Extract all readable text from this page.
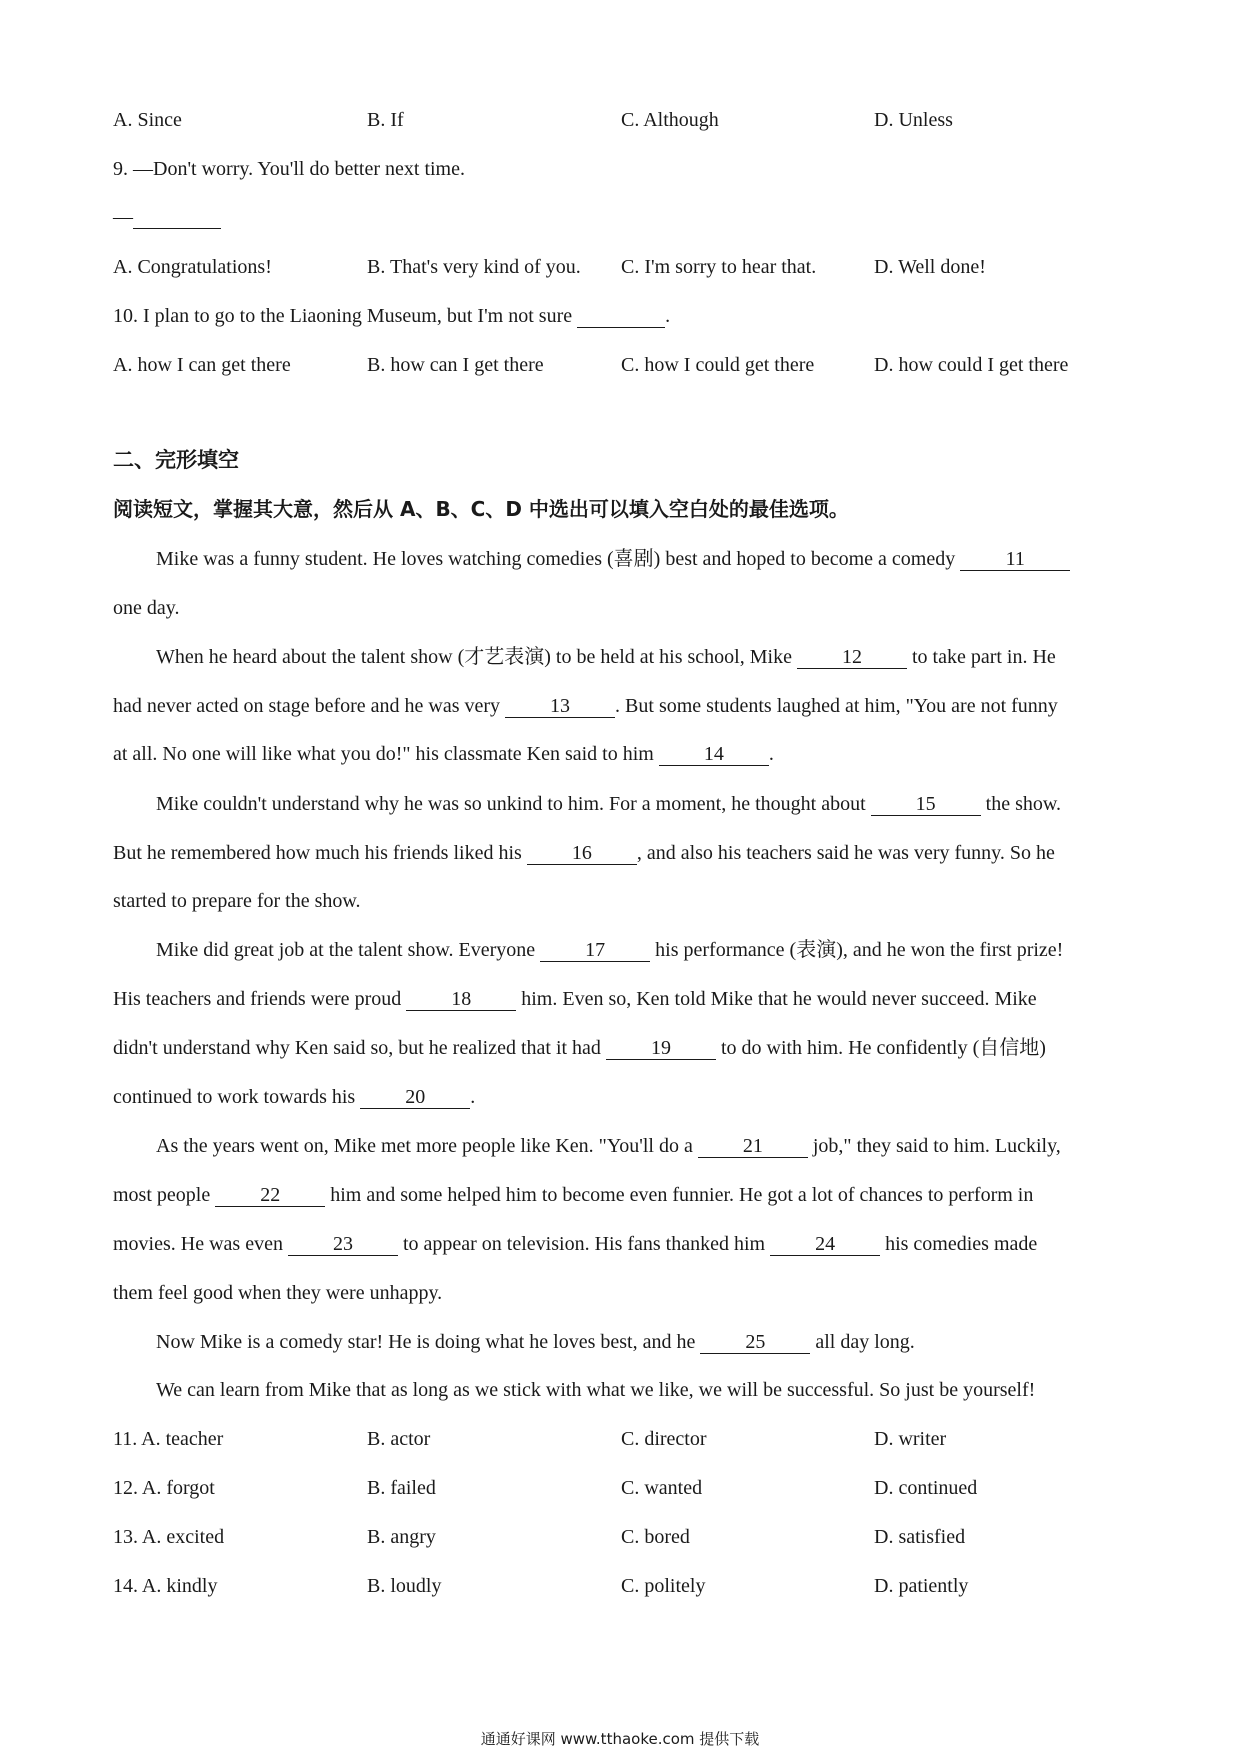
A. Since	B. If	C. Although	D. Unless
9. —Don't worry. You'll do better next time.
—
A. Congratulations!	B. That's very kind of you. C. I'm sorry to hear that.	D. Well done!
10. I plan to go to the Liaoning Museum, but I'm not sure	.
A. how I can get there	B. how can I get there	C. how I could get there	D. how could I get there
二、完形填空
阅读短文，掌握其大意，然后从 A、B、C、D 中选出可以填入空白处的最佳选项。
Mike was a funny student. He loves watching comedies (喜剧) best and hoped to become a comedy 11
one day.
When he heard about the talent show (才艺表演) to be held at his school, Mike 12 to take part in. He
had never acted on stage before and he was very 13 . But some students laughed at him, "You are not funny
at all. No one will like what you do!" his classmate Ken said to him 14 .
Mike couldn't understand why he was so unkind to him. For a moment, he thought about 15 the show.
But he remembered how much his friends liked his 16 , and also his teachers said he was very funny. So he
started to prepare for the show.
Mike did great job at the talent show. Everyone 17 his performance (表演), and he won the first prize!
His teachers and friends were proud 18 him. Even so, Ken told Mike that he would never succeed. Mike
didn't understand why Ken said so, but he realized that it had 19 to do with him. He confidently (自信地)
continued to work towards his 20 .
As the years went on, Mike met more people like Ken. "You'll do a 21 job," they said to him. Luckily,
most people 22 him and some helped him to become even funnier. He got a lot of chances to perform in
movies. He was even 23 to appear on television. His fans thanked him 24 his comedies made
them feel good when they were unhappy.
Now Mike is a comedy star! He is doing what he loves best, and he 25 all day long.
We can learn from Mike that as long as we stick with what we like, we will be successful. So just be yourself!
11. A. teacher	B. actor	C. director	D. writer
12. A. forgot	B. failed	C. wanted	D. continued
13. A. excited	B. angry	C. bored	D. satisfied
14. A. kindly	B. loudly	C. politely	D. patiently
通通好课网 www.tthaoke.com 提供下载
